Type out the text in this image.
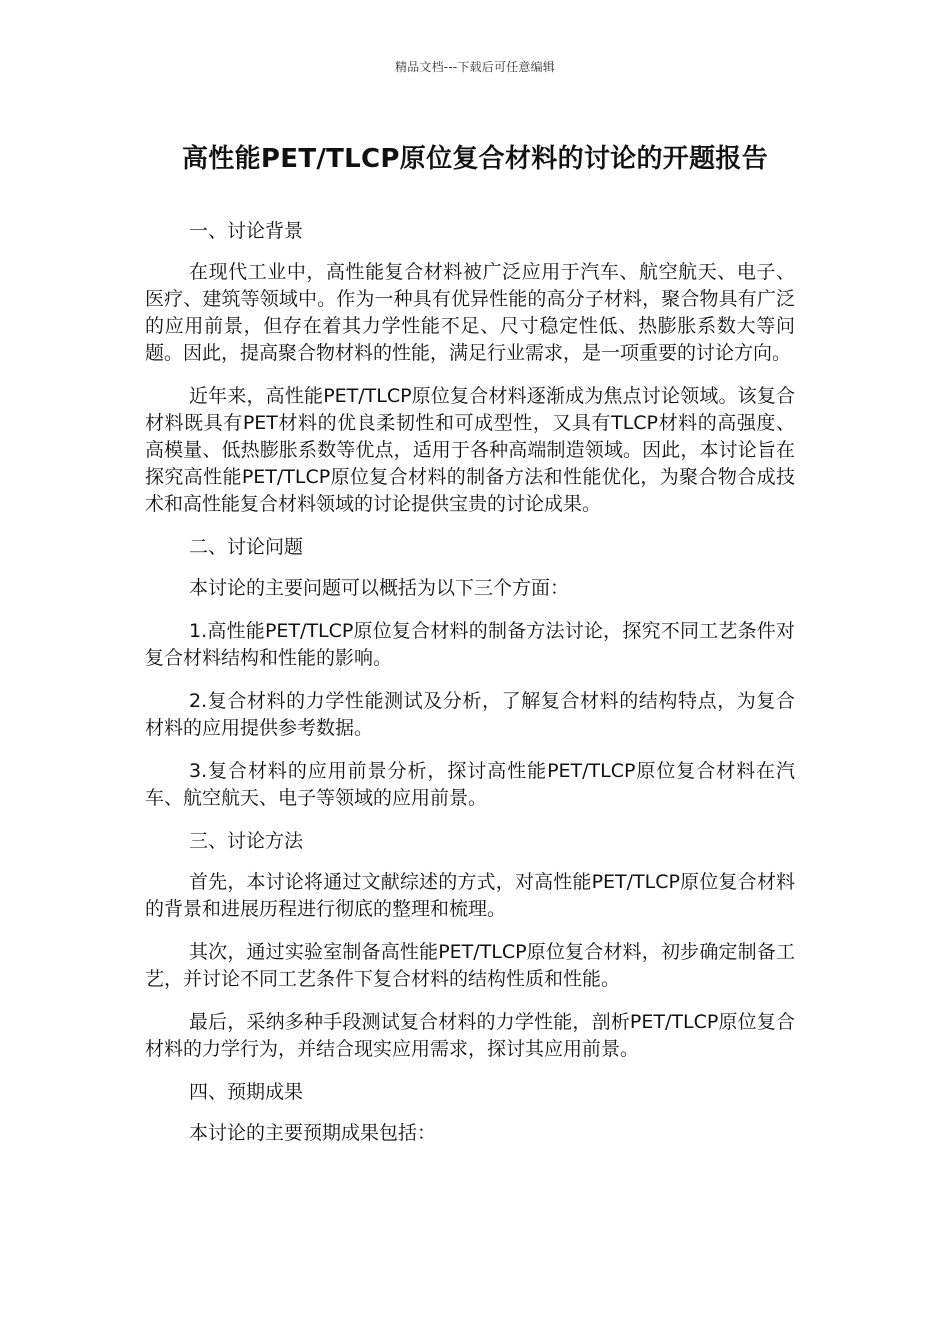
精品文档---下载后可任意编辑
高性能PET/TLCP原位复合材料的讨论的开题报告

一、讨论背景

在现代工业中，高性能复合材料被广泛应用于汽车、航空航天、电子、医疗、建筑等领域中。作为一种具有优异性能的高分子材料，聚合物具有广泛的应用前景，但存在着其力学性能不足、尺寸稳定性低、热膨胀系数大等问题。因此，提高聚合物材料的性能，满足行业需求，是一项重要的讨论方向。

近年来，高性能PET/TLCP原位复合材料逐渐成为焦点讨论领域。该复合材料既具有PET材料的优良柔韧性和可成型性，又具有TLCP材料的高强度、高模量、低热膨胀系数等优点，适用于各种高端制造领域。因此，本讨论旨在探究高性能PET/TLCP原位复合材料的制备方法和性能优化，为聚合物合成技术和高性能复合材料领域的讨论提供宝贵的讨论成果。

二、讨论问题

本讨论的主要问题可以概括为以下三个方面：

1.高性能PET/TLCP原位复合材料的制备方法讨论，探究不同工艺条件对复合材料结构和性能的影响。

2.复合材料的力学性能测试及分析，了解复合材料的结构特点，为复合材料的应用提供参考数据。

3.复合材料的应用前景分析，探讨高性能PET/TLCP原位复合材料在汽车、航空航天、电子等领域的应用前景。

三、讨论方法

首先，本讨论将通过文献综述的方式，对高性能PET/TLCP原位复合材料的背景和进展历程进行彻底的整理和梳理。

其次，通过实验室制备高性能PET/TLCP原位复合材料，初步确定制备工艺，并讨论不同工艺条件下复合材料的结构性质和性能。

最后，采纳多种手段测试复合材料的力学性能，剖析PET/TLCP原位复合材料的力学行为，并结合现实应用需求，探讨其应用前景。

四、预期成果

本讨论的主要预期成果包括：
